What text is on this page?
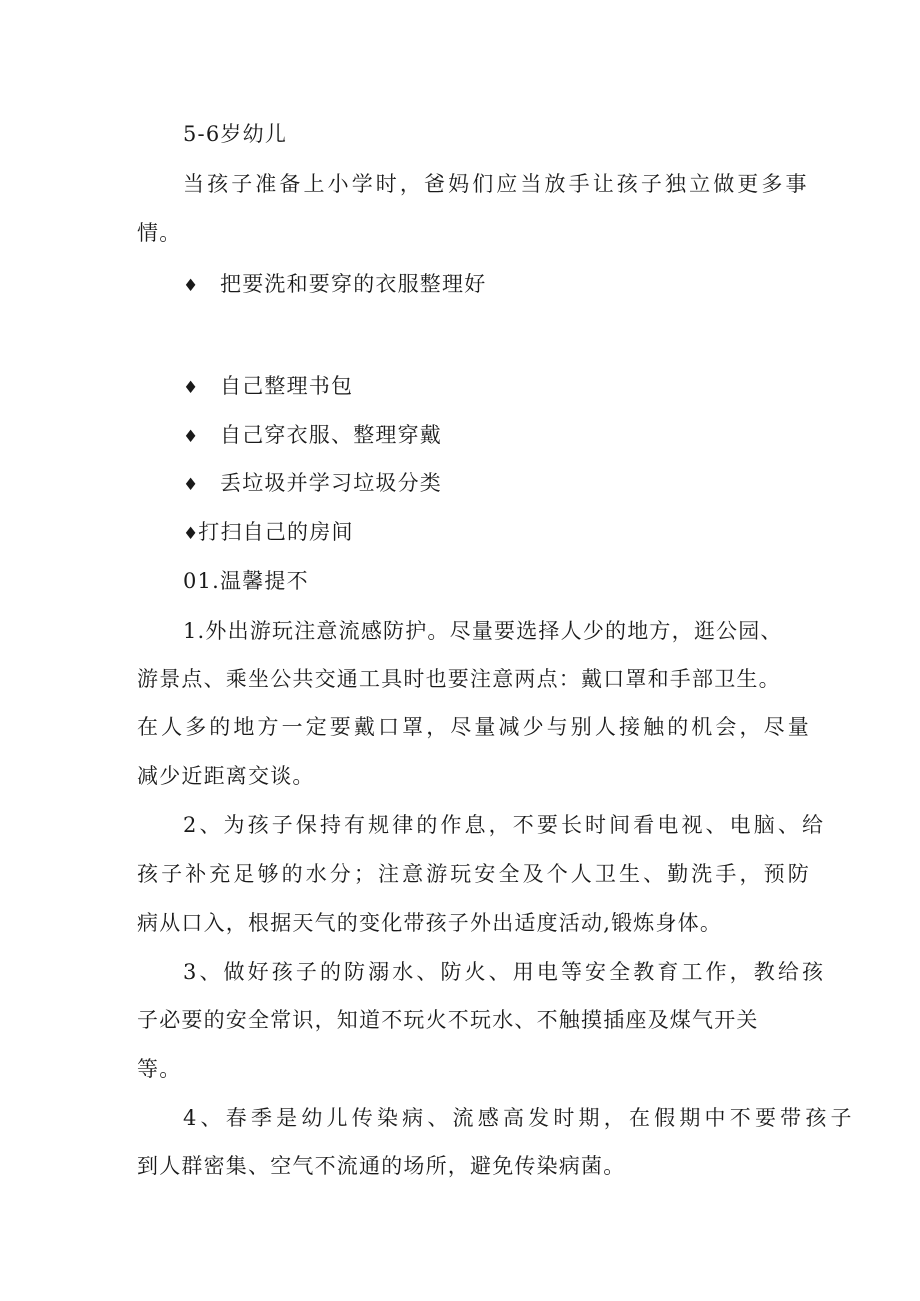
5-6岁幼儿
当孩子准备上小学时，爸妈们应当放手让孩子独立做更多事
情。
♦ 把要洗和要穿的衣服整理好
♦ 自己整理书包
♦ 自己穿衣服、整理穿戴
♦ 丢垃圾并学习垃圾分类
♦打扫自己的房间
01.温馨提不
1.外出游玩注意流感防护。尽量要选择人少的地方，逛公园、
游景点、乘坐公共交通工具时也要注意两点：戴口罩和手部卫生。
在人多的地方一定要戴口罩，尽量减少与别人接触的机会，尽量
减少近距离交谈。
2、为孩子保持有规律的作息，不要长时间看电视、电脑、给
孩子补充足够的水分；注意游玩安全及个人卫生、勤洗手，预防
病从口入，根据天气的变化带孩子外出适度活动,锻炼身体。
3、做好孩子的防溺水、防火、用电等安全教育工作，教给孩
子必要的安全常识，知道不玩火不玩水、不触摸插座及煤气开关
等。
4、春季是幼儿传染病、流感高发时期，在假期中不要带孩子
到人群密集、空气不流通的场所，避免传染病菌。
